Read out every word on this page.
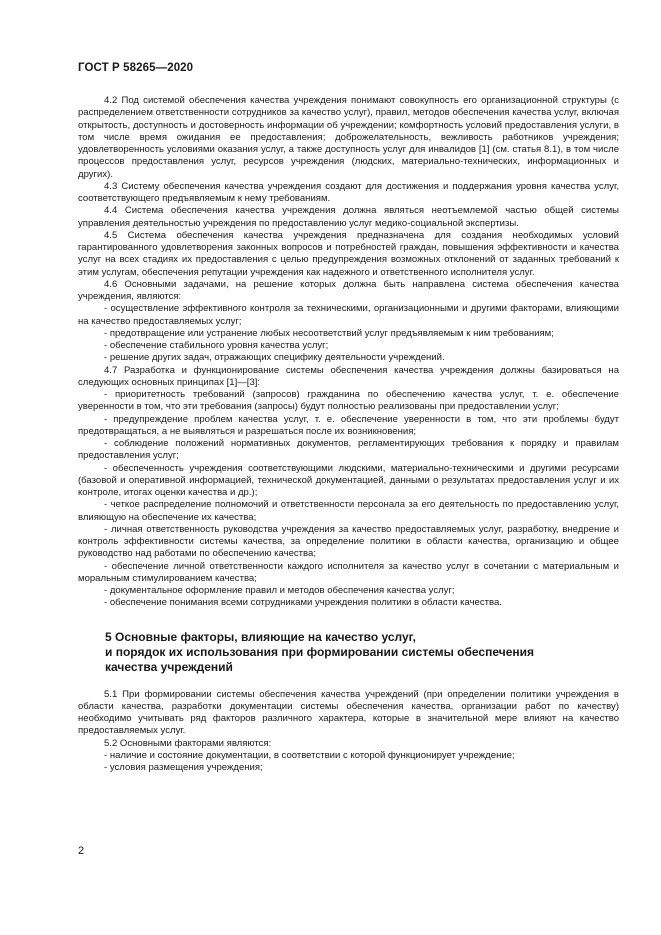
ГОСТ Р 58265—2020

4.2 Под системой обеспечения качества учреждения понимают совокупность его организационной структуры (с распределением ответственности сотрудников за качество услуг), правил, методов обеспечения качества услуг, включая открытость, доступность и достоверность информации об учреждении; комфортность условий предоставления услуги, в том числе время ожидания ее предоставления; доброжелательность, вежливость работников учреждения; удовлетворенность условиями оказания услуг, а также доступность услуг для инвалидов [1] (см. статья 8.1), в том числе процессов предоставления услуг, ресурсов учреждения (людских, материально-технических, информационных и других).

4.3 Систему обеспечения качества учреждения создают для достижения и поддержания уровня качества услуг, соответствующего предъявляемым к нему требованиям.

4.4 Система обеспечения качества учреждения должна являться неотъемлемой частью общей системы управления деятельностью учреждения по предоставлению услуг медико-социальной экспертизы.

4.5 Система обеспечения качества учреждения предназначена для создания необходимых условий гарантированного удовлетворения законных вопросов и потребностей граждан, повышения эффективности и качества услуг на всех стадиях их предоставления с целью предупреждения возможных отклонений от заданных требований к этим услугам, обеспечения репутации учреждения как надежного и ответственного исполнителя услуг.

4.6 Основными задачами, на решение которых должна быть направлена система обеспечения качества учреждения, являются:

- осуществление эффективного контроля за техническими, организационными и другими факторами, влияющими на качество предоставляемых услуг;

- предотвращение или устранение любых несоответствий услуг предъявляемым к ним требованиям;

- обеспечение стабильного уровня качества услуг;

- решение других задач, отражающих специфику деятельности учреждений.

4.7 Разработка и функционирование системы обеспечения качества учреждения должны базироваться на следующих основных принципах [1]—[3]:

- приоритетность требований (запросов) гражданина по обеспечению качества услуг, т. е. обеспечение уверенности в том, что эти требования (запросы) будут полностью реализованы при предоставлении услуг;

- предупреждение проблем качества услуг, т. е. обеспечение уверенности в том, что эти проблемы будут предотвращаться, а не выявляться и разрешаться после их возникновения;

- соблюдение положений нормативных документов, регламентирующих требования к порядку и правилам предоставления услуг;

- обеспеченность учреждения соответствующими людскими, материально-техническими и другими ресурсами (базовой и оперативной информацией, технической документацией, данными о результатах предоставления услуг и их контроле, итогах оценки качества и др.);

- четкое распределение полномочий и ответственности персонала за его деятельность по предоставлению услуг, влияющую на обеспечение их качества;

- личная ответственность руководства учреждения за качество предоставляемых услуг, разработку, внедрение и контроль эффективности системы качества, за определение политики в области качества, организацию и общее руководство над работами по обеспечению качества;

- обеспечение личной ответственности каждого исполнителя за качество услуг в сочетании с материальным и моральным стимулированием качества;

- документальное оформление правил и методов обеспечения качества услуг;

- обеспечение понимания всеми сотрудниками учреждения политики в области качества.

5 Основные факторы, влияющие на качество услуг,
и порядок их использования при формировании системы обеспечения
качества учреждений

5.1 При формировании системы обеспечения качества учреждений (при определении политики учреждения в области качества, разработки документации системы обеспечения качества, организации работ по качеству) необходимо учитывать ряд факторов различного характера, которые в значительной мере влияют на качество предоставляемых услуг.

5.2 Основными факторами являются:

- наличие и состояние документации, в соответствии с которой функционирует учреждение;

- условия размещения учреждения;

2
